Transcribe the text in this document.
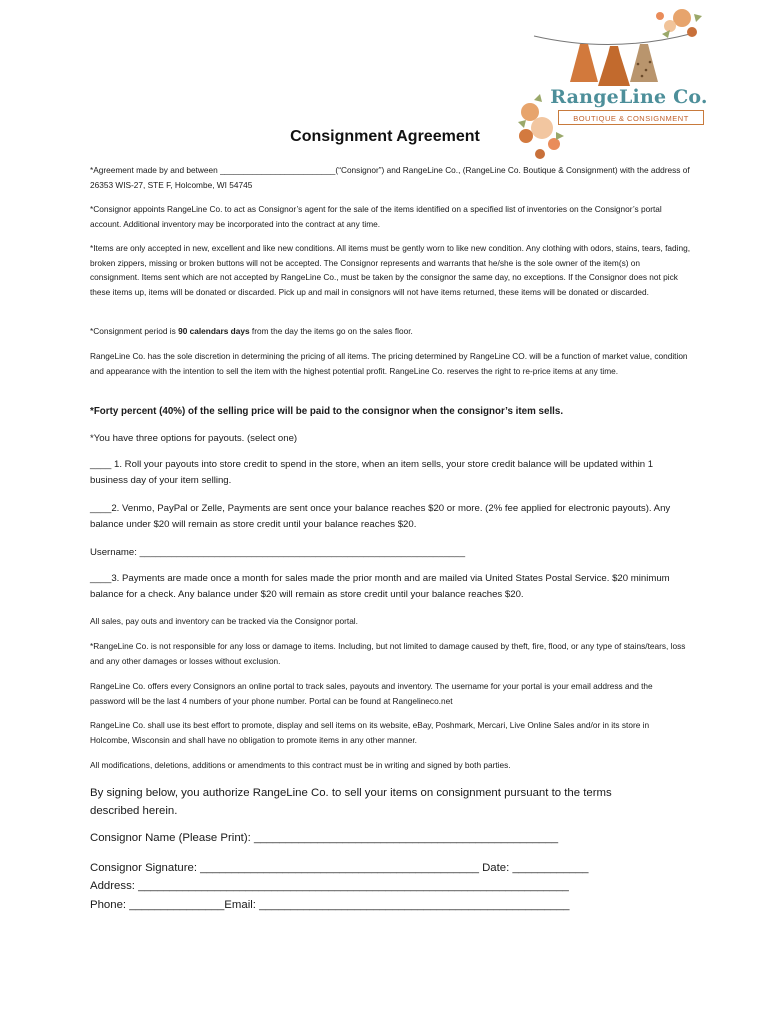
RangeLine Co.
BOUTIQUE & CONSIGNMENT
Consignment Agreement

*Agreement made by and between _________________________(“Consignor”) and RangeLine Co., (RangeLine Co. Boutique & Consignment) with the address of 26353 WIS-27, STE F, Holcombe, WI 54745

*Consignor appoints RangeLine Co. to act as Consignor’s agent for the sale of the items identified on a specified list of inventories on the Consignor’s portal account. Additional inventory may be incorporated into the contract at any time.

*Items are only accepted in new, excellent and like new conditions. All items must be gently worn to like new condition. Any clothing with odors, stains, tears, fading, broken zippers, missing or broken buttons will not be accepted. The Consignor represents and warrants that he/she is the sole owner of the item(s) on consignment. Items sent which are not accepted by RangeLine Co., must be taken by the consignor the same day, no exceptions. If the Consignor does not pick these items up, items will be donated or discarded. Pick up and mail in consignors will not have items returned, these items will be donated or discarded.

*Consignment period is 90 calendars days from the day the items go on the sales floor.

RangeLine Co. has the sole discretion in determining the pricing of all items. The pricing determined by RangeLine CO. will be a function of market value, condition and appearance with the intention to sell the item with the highest potential profit. RangeLine Co. reserves the right to re-price items at any time.

*Forty percent (40%) of the selling price will be paid to the consignor when the consignor’s item sells.

*You have three options for payouts. (select one)

____ 1. Roll your payouts into store credit to spend in the store, when an item sells, your store credit balance will be updated within 1 business day of your item selling.

____2. Venmo, PayPal or Zelle, Payments are sent once your balance reaches $20 or more. (2% fee applied for electronic payouts). Any balance under $20 will remain as store credit until your balance reaches $20.

Username: _____________________________________________________________

____3. Payments are made once a month for sales made the prior month and are mailed via United States Postal Service. $20 minimum balance for a check. Any balance under $20 will remain as store credit until your balance reaches $20.

All sales, pay outs and inventory can be tracked via the Consignor portal.

*RangeLine Co. is not responsible for any loss or damage to items. Including, but not limited to damage caused by theft, fire, flood, or any type of stains/tears, loss and any other damages or losses without exclusion.

RangeLine Co. offers every Consignors an online portal to track sales, payouts and inventory. The username for your portal is your email address and the password will be the last 4 numbers of your phone number. Portal can be found at Rangelineco.net

RangeLine Co. shall use its best effort to promote, display and sell items on its website, eBay, Poshmark, Mercari, Live Online Sales and/or in its store in Holcombe, Wisconsin and shall have no obligation to promote items in any other manner.

All modifications, deletions, additions or amendments to this contract must be in writing and signed by both parties.

By signing below, you authorize RangeLine Co. to sell your items on consignment pursuant to the terms described herein.

Consignor Name (Please Print): ________________________________________________

Consignor Signature: ____________________________________________ Date: ____________

Address: ____________________________________________________________________

Phone: _______________Email: _________________________________________________
